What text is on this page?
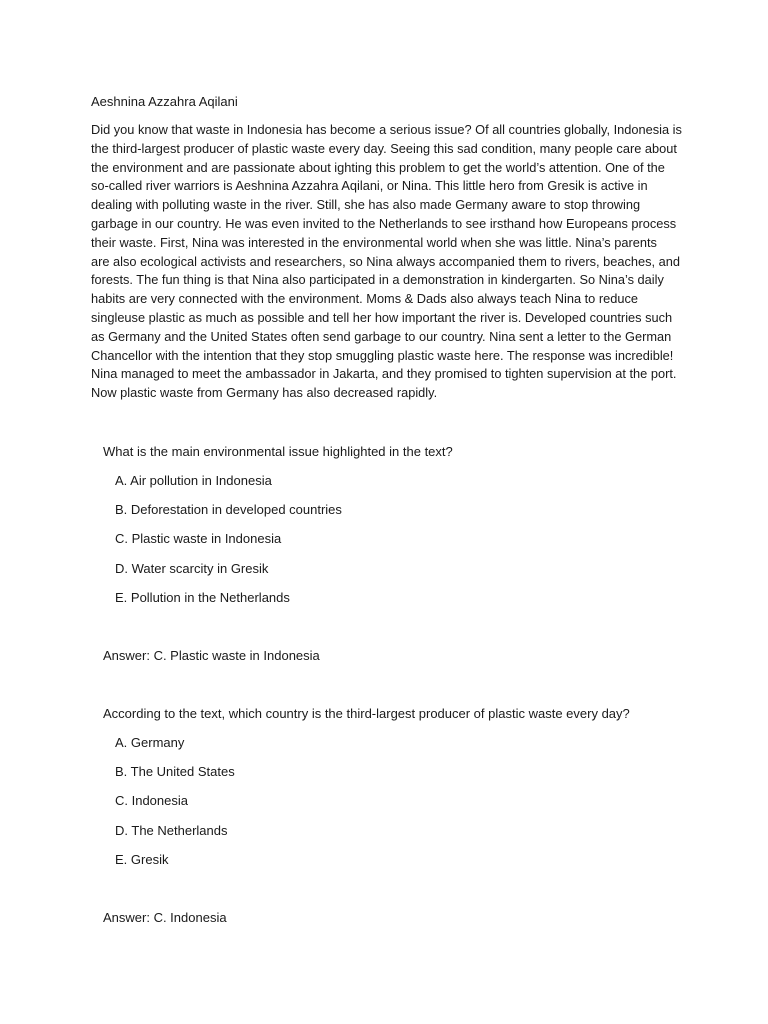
Aeshnina Azzahra Aqilani

Did you know that waste in Indonesia has become a serious issue? Of all countries globally, Indonesia is
the third-largest producer of plastic waste every day. Seeing this sad condition, many people care about
the environment and are passionate about ighting this problem to get the world’s attention. One of the
so-called river warriors is Aeshnina Azzahra Aqilani, or Nina. This little hero from Gresik is active in
dealing with polluting waste in the river. Still, she has also made Germany aware to stop throwing
garbage in our country. He was even invited to the Netherlands to see irsthand how Europeans process
their waste. First, Nina was interested in the environmental world when she was little. Nina’s parents
are also ecological activists and researchers, so Nina always accompanied them to rivers, beaches, and
forests. The fun thing is that Nina also participated in a demonstration in kindergarten. So Nina’s daily
habits are very connected with the environment. Moms & Dads also always teach Nina to reduce
singleuse plastic as much as possible and tell her how important the river is. Developed countries such
as Germany and the United States often send garbage to our country. Nina sent a letter to the German
Chancellor with the intention that they stop smuggling plastic waste here. The response was incredible!
Nina managed to meet the ambassador in Jakarta, and they promised to tighten supervision at the port.
Now plastic waste from Germany has also decreased rapidly.

What is the main environmental issue highlighted in the text?
A. Air pollution in Indonesia
B. Deforestation in developed countries
C. Plastic waste in Indonesia
D. Water scarcity in Gresik
E. Pollution in the Netherlands

Answer: C. Plastic waste in Indonesia

According to the text, which country is the third-largest producer of plastic waste every day?
A. Germany
B. The United States
C. Indonesia
D. The Netherlands
E. Gresik

Answer: C. Indonesia
